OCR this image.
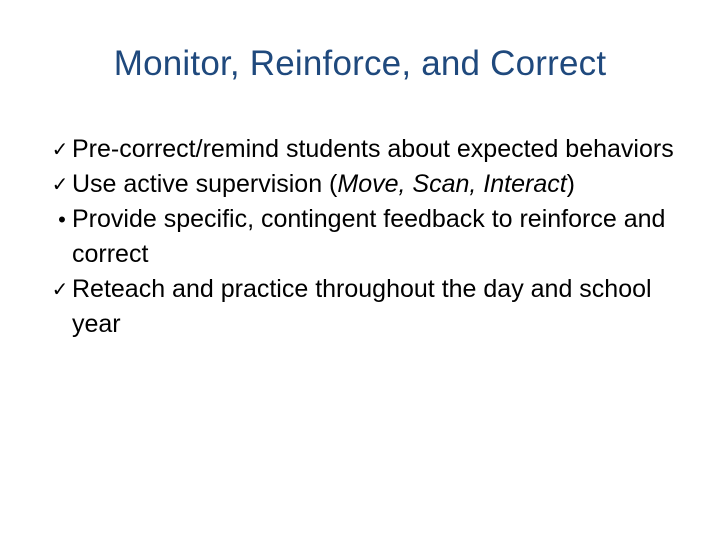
Monitor, Reinforce, and Correct
✓ Pre-correct/remind students about expected behaviors
✓ Use active supervision (Move, Scan, Interact)
• Provide specific, contingent feedback to reinforce and correct
✓ Reteach and practice throughout the day and school year
